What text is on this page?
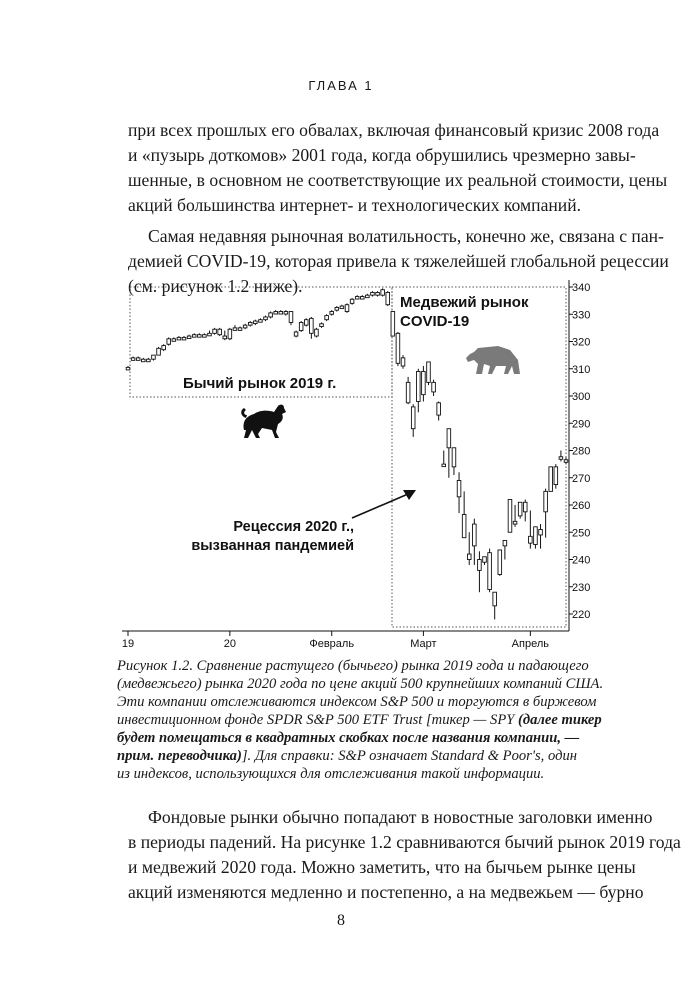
ГЛАВА 1
при всех прошлых его обвалах, включая финансовый кризис 2008 года
и «пузырь доткомов» 2001 года, когда обрушились чрезмерно завы-
шенные, в основном не соответствующие их реальной стоимости, цены
акций большинства интернет- и технологических компаний.
Самая недавняя рыночная волатильность, конечно же, связана с пан-
демией COVID-19, которая привела к тяжелейшей глобальной рецессии
(см. рисунок 1.2 ниже).
220
230
240
250
260
270
280
290
300
310
320
330
340
19	20	Февраль	Март	Апрель
Бычий рынок 2019 г.
Медвежий рынок
COVID-19
Рецессия 2020 г.,
вызванная пандемией
Рисунок 1.2. Сравнение растущего (бычьего) рынка 2019 года и падающего
(медвежьего) рынка 2020 года по цене акций 500 крупнейших компаний США.
Эти компании отслеживаются индексом S&P 500 и торгуются в биржевом
инвестиционном фонде SPDR S&P 500 ETF Trust [тикер — SPY (далее тикер
будет помещаться в квадратных скобках после названия компании, —
прим. переводчика)]. Для справки: S&P означает Standard & Poor's, один
из индексов, использующихся для отслеживания такой информации.
Фондовые рынки обычно попадают в новостные заголовки именно
в периоды падений. На рисунке 1.2 сравниваются бычий рынок 2019 года
и медвежий 2020 года. Можно заметить, что на бычьем рынке цены
акций изменяются медленно и постепенно, а на медвежьем — бурно
8
